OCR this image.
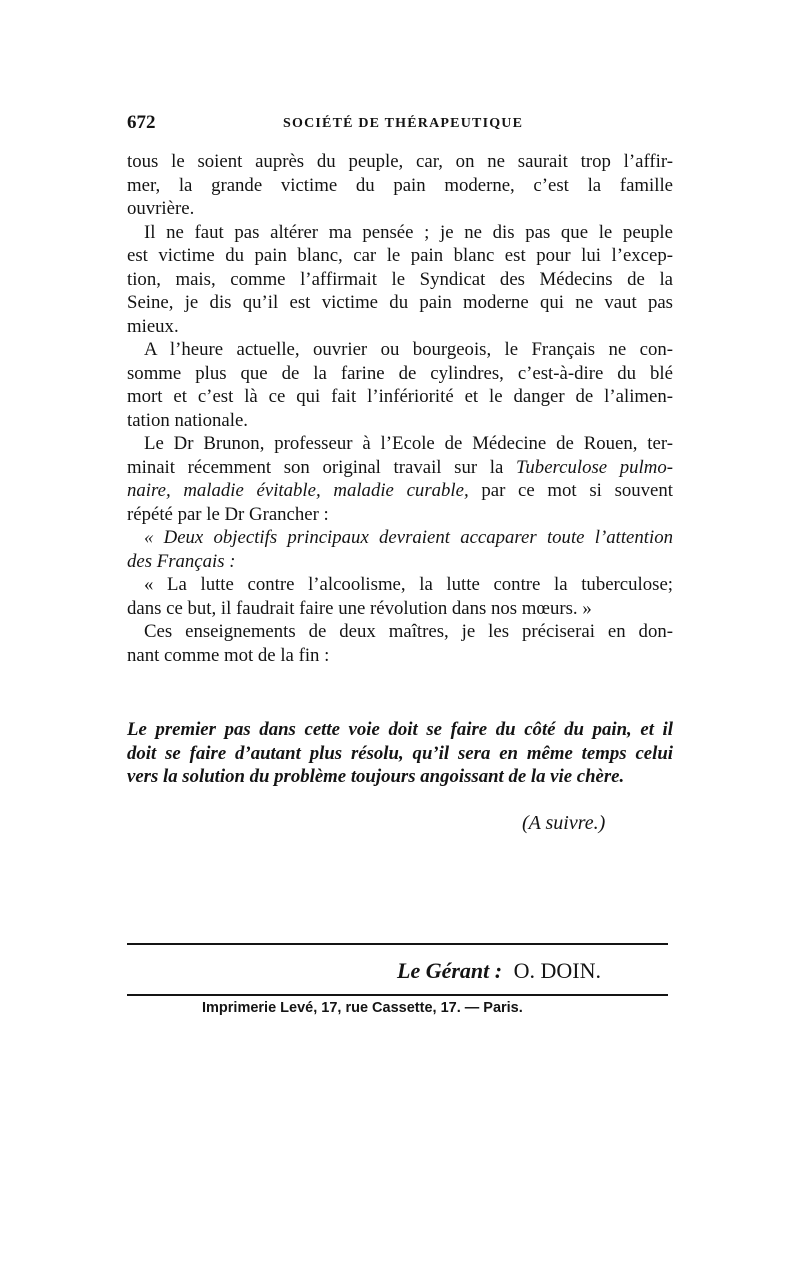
672	SOCIÉTÉ DE THÉRAPEUTIQUE
tous le soient auprès du peuple, car, on ne saurait trop l’affir-
mer, la grande victime du pain moderne, c’est la famille
ouvrière.
Il ne faut pas altérer ma pensée ; je ne dis pas que le peuple
est victime du pain blanc, car le pain blanc est pour lui l’excep-
tion, mais, comme l’affirmait le Syndicat des Médecins de la
Seine, je dis qu’il est victime du pain moderne qui ne vaut pas
mieux.
A l’heure actuelle, ouvrier ou bourgeois, le Français ne con-
somme plus que de la farine de cylindres, c’est-à-dire du blé
mort et c’est là ce qui fait l’infériorité et le danger de l’alimen-
tation nationale.
Le Dr Brunon, professeur à l’Ecole de Médecine de Rouen, ter-
minait récemment son original travail sur la Tuberculose pulmo-
naire, maladie évitable, maladie curable, par ce mot si souvent
répété par le Dr Grancher :
« Deux objectifs principaux devraient accaparer toute l’attention
des Français :
« La lutte contre l’alcoolisme, la lutte contre la tuberculose;
dans ce but, il faudrait faire une révolution dans nos mœurs. »
Ces enseignements de deux maîtres, je les préciserai en don-
nant comme mot de la fin :
Le premier pas dans cette voie doit se faire du côté du pain, et il
doit se faire d’autant plus résolu, qu’il sera en même temps celui
vers la solution du problème toujours angoissant de la vie chère.
(A suivre.)
Le Gérant : O. DOIN.
Imprimerie Levé, 17, rue Cassette, 17. — Paris.
